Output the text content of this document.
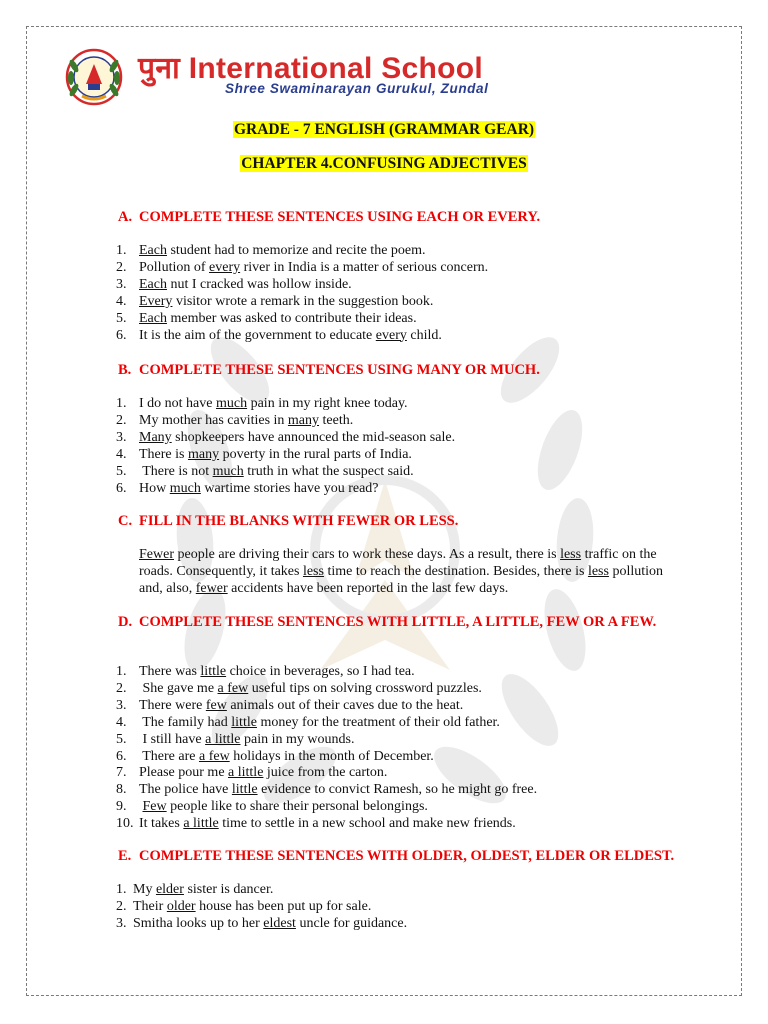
पुना International School
Shree Swaminarayan Gurukul, Zundal
GRADE - 7 ENGLISH (GRAMMAR GEAR)
CHAPTER 4.CONFUSING ADJECTIVES
A. COMPLETE THESE SENTENCES USING EACH OR EVERY.
1. Each student had to memorize and recite the poem.
2. Pollution of every river in India is a matter of serious concern.
3. Each nut I cracked was hollow inside.
4. Every visitor wrote a remark in the suggestion book.
5. Each member was asked to contribute their ideas.
6. It is the aim of the government to educate every child.
B. COMPLETE THESE SENTENCES USING MANY OR MUCH.
1. I do not have much pain in my right knee today.
2. My mother has cavities in many teeth.
3. Many shopkeepers have announced the mid-season sale.
4. There is many poverty in the rural parts of India.
5. There is not much truth in what the suspect said.
6. How much wartime stories have you read?
C. FILL IN THE BLANKS WITH FEWER OR LESS.
Fewer people are driving their cars to work these days. As a result, there is less traffic on the roads. Consequently, it takes less time to reach the destination. Besides, there is less pollution and, also, fewer accidents have been reported in the last few days.
D. COMPLETE THESE SENTENCES WITH LITTLE, A LITTLE, FEW OR A FEW.
1. There was little choice in beverages, so I had tea.
2. She gave me a few useful tips on solving crossword puzzles.
3. There were few animals out of their caves due to the heat.
4. The family had little money for the treatment of their old father.
5. I still have a little pain in my wounds.
6. There are a few holidays in the month of December.
7. Please pour me a little juice from the carton.
8. The police have little evidence to convict Ramesh, so he might go free.
9. Few people like to share their personal belongings.
10. It takes a little time to settle in a new school and make new friends.
E. COMPLETE THESE SENTENCES WITH OLDER, OLDEST, ELDER OR ELDEST.
1. My elder sister is dancer.
2. Their older house has been put up for sale.
3. Smitha looks up to her eldest uncle for guidance.
